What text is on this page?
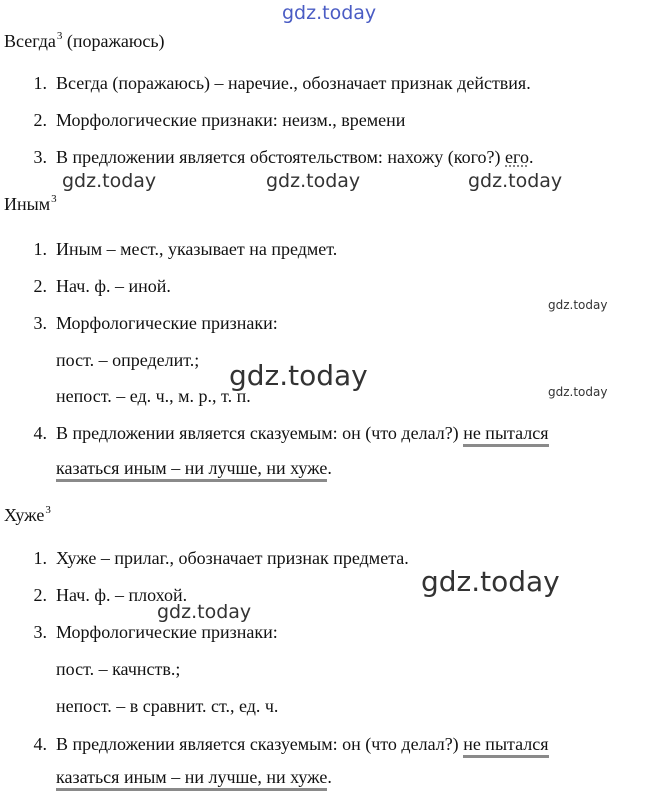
gdz.today
gdz.today	gdz.today	gdz.today
gdz.today
gdz.today	gdz.today
gdz.today
gdz.today
Всегда$^3$ (поражаюсь)
1. Всегда (поражаюсь) – наречие., обозначает признак действия.
2. Морфологические признаки: неизм., времени
3. В предложении является обстоятельством: нахожу (кого?) его.
Иным$^3$
1. Иным – мест., указывает на предмет.
2. Нач. ф. – иной.
3. Морфологические признаки:
пост. – определит.;
непост. – ед. ч., м. р., т. п.
4. В предложении является сказуемым: он (что делал?) не пытался
казаться иным – ни лучше, ни хуже.
Хуже$^3$
1. Хуже – прилаг., обозначает признак предмета.
2. Нач. ф. – плохой.
3. Морфологические признаки:
пост. – качнств.;
непост. – в сравнит. ст., ед. ч.
4. В предложении является сказуемым: он (что делал?) не пытался
казаться иным – ни лучше, ни хуже.
